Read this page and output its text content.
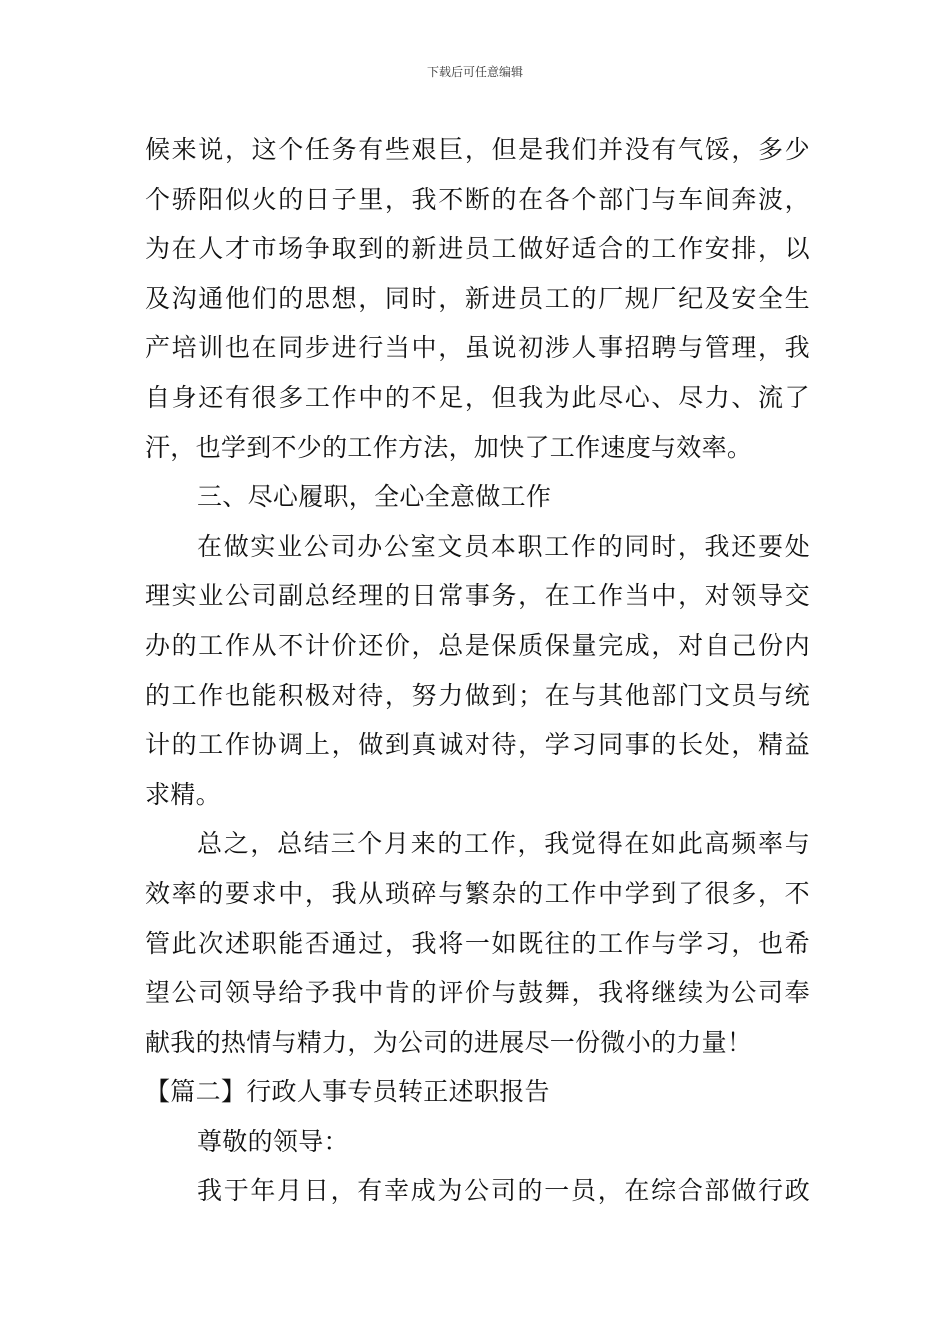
下载后可任意编辑
候来说，这个任务有些艰巨，但是我们并没有气馁，多少
个骄阳似火的日子里，我不断的在各个部门与车间奔波，
为在人才市场争取到的新进员工做好适合的工作安排，以
及沟通他们的思想，同时，新进员工的厂规厂纪及安全生
产培训也在同步进行当中，虽说初涉人事招聘与管理，我
自身还有很多工作中的不足，但我为此尽心、尽力、流了
汗，也学到不少的工作方法，加快了工作速度与效率。
三、尽心履职，全心全意做工作
在做实业公司办公室文员本职工作的同时，我还要处
理实业公司副总经理的日常事务，在工作当中，对领导交
办的工作从不计价还价，总是保质保量完成，对自己份内
的工作也能积极对待，努力做到；在与其他部门文员与统
计的工作协调上，做到真诚对待，学习同事的长处，精益
求精。
总之，总结三个月来的工作，我觉得在如此高频率与
效率的要求中，我从琐碎与繁杂的工作中学到了很多，不
管此次述职能否通过，我将一如既往的工作与学习，也希
望公司领导给予我中肯的评价与鼓舞，我将继续为公司奉
献我的热情与精力，为公司的进展尽一份微小的力量！
【篇二】行政人事专员转正述职报告
尊敬的领导：
我于年月日，有幸成为公司的一员，在综合部做行政
